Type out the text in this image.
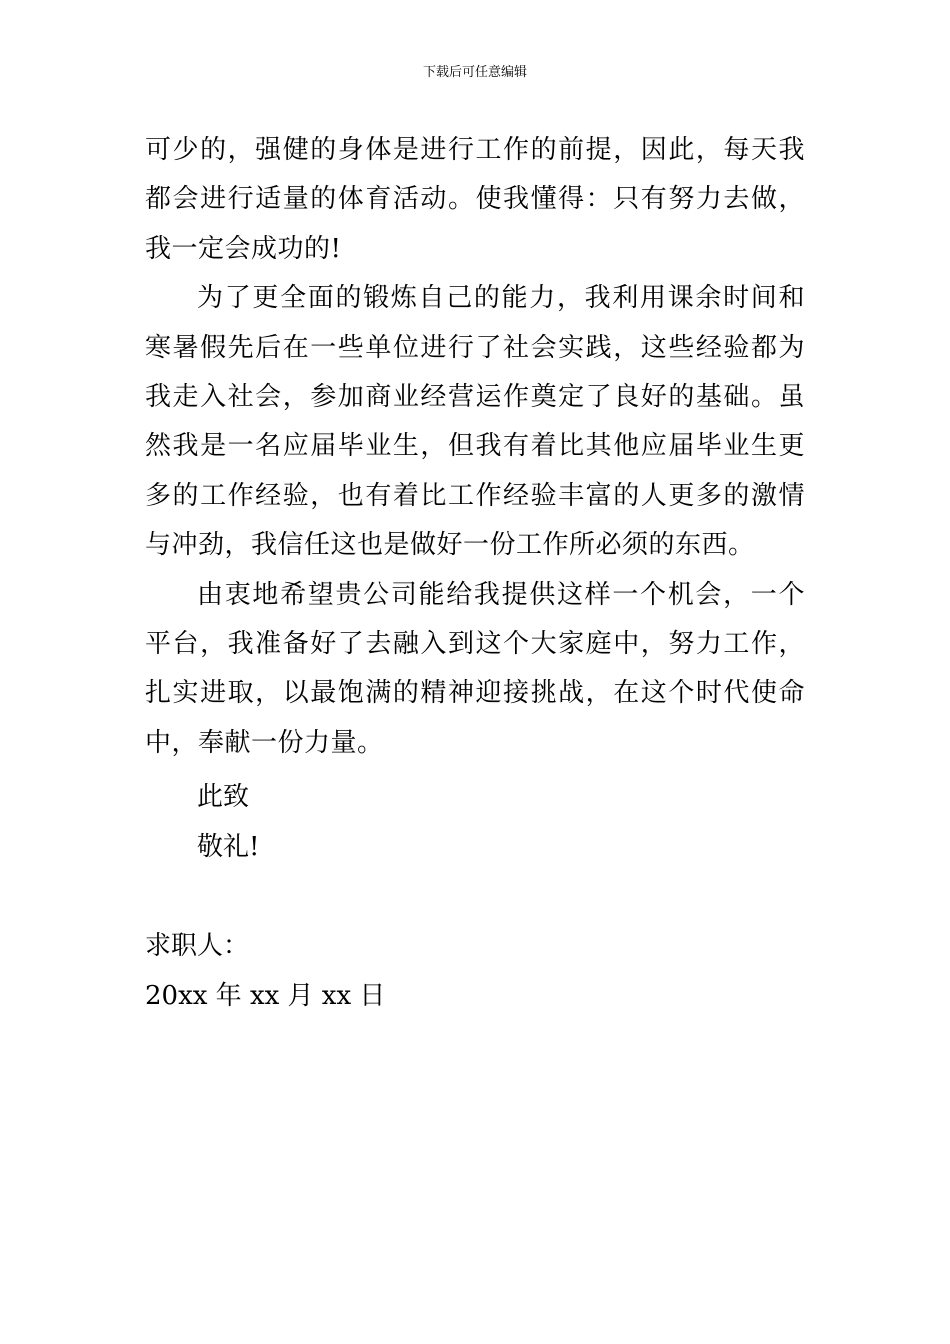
下载后可任意编辑

可少的，强健的身体是进行工作的前提，因此，每天我都会进行适量的体育活动。使我懂得：只有努力去做，我一定会成功的!

为了更全面的锻炼自己的能力，我利用课余时间和寒暑假先后在一些单位进行了社会实践，这些经验都为我走入社会，参加商业经营运作奠定了良好的基础。虽然我是一名应届毕业生，但我有着比其他应届毕业生更多的工作经验，也有着比工作经验丰富的人更多的激情与冲劲，我信任这也是做好一份工作所必须的东西。

由衷地希望贵公司能给我提供这样一个机会，一个平台，我准备好了去融入到这个大家庭中，努力工作，扎实进取，以最饱满的精神迎接挑战，在这个时代使命中，奉献一份力量。

此致
敬礼!
求职人：
20xx 年 xx 月 xx 日
